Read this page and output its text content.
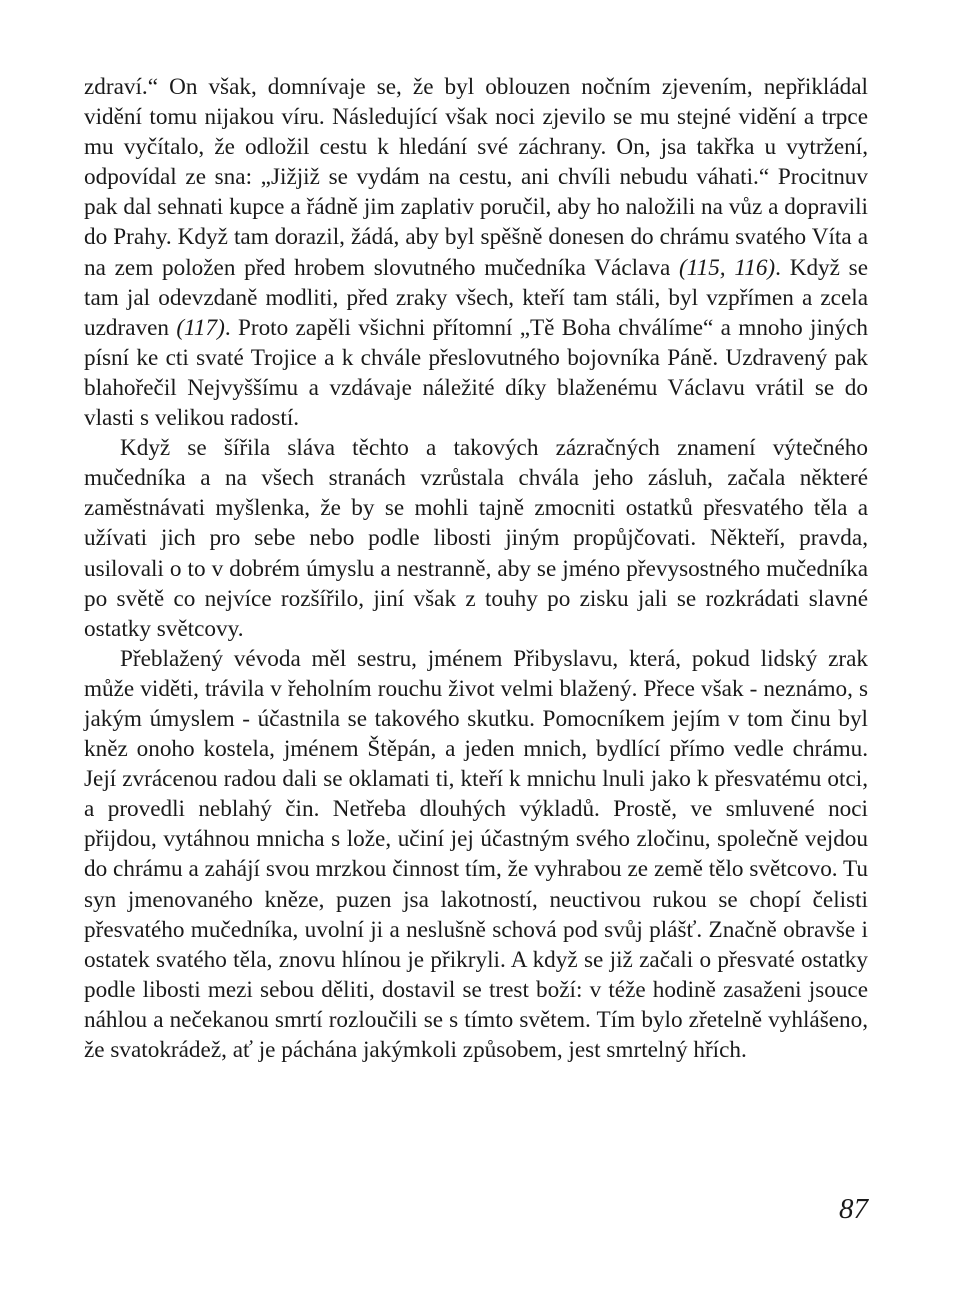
zdraví.“ On však, domnívaje se, že byl oblouzen nočním zjevením, nepřikládal vidění tomu nijakou víru. Následující však noci zjevilo se mu stejné vidění a trpce mu vyčítalo, že odložil cestu k hledání své záchrany. On, jsa takřka u vytržení, odpovídal ze sna: „Jižjiž se vydám na cestu, ani chvíli nebudu váhati.“ Procitnuv pak dal sehnati kupce a řádně jim zaplativ poručil, aby ho naložili na vůz a dopravili do Prahy. Když tam dorazil, žádá, aby byl spěšně donesen do chrámu svatého Víta a na zem položen před hrobem slovutného mučedníka Václava (115, 116). Když se tam jal odevzdaně modliti, před zraky všech, kteří tam stáli, byl vzpřímen a zcela uzdraven (117). Proto zapěli všichni přítomní „Tě Boha chválíme“ a mnoho jiných písní ke cti svaté Trojice a k chvále přeslovutného bojovníka Páně. Uzdravený pak blahořečil Nejvyššímu a vzdávaje náležité díky blaženému Václavu vrátil se do vlasti s velikou radostí.

Když se šířila sláva těchto a takových zázračných znamení výtečného mučedníka a na všech stranách vzrůstala chvála jeho zásluh, začala některé zaměstnávati myšlenka, že by se mohli tajně zmocniti ostatků přesvatého těla a užívati jich pro sebe nebo podle libosti jiným propůjčovati. Někteří, pravda, usilovali o to v dobrém úmyslu a nestranně, aby se jméno převysostného mučedníka po světě co nejvíce rozšířilo, jiní však z touhy po zisku jali se rozkrádati slavné ostatky světcovy.

Přeblažený vévoda měl sestru, jménem Přibyslavu, která, pokud lidský zrak může viděti, trávila v řeholním rouchu život velmi blažený. Přece však - neznámo, s jakým úmyslem - účastnila se takového skutku. Pomocníkem jejím v tom činu byl kněz onoho kostela, jménem Štěpán, a jeden mnich, bydlící přímo vedle chrámu. Její zvrácenou radou dali se oklamati ti, kteří k mnichu lnuli jako k přesvatému otci, a provedli neblahý čin. Netřeba dlouhých výkladů. Prostě, ve smluvené noci přijdou, vytáhnou mnicha s lože, učiní jej účastným svého zločinu, společně vejdou do chrámu a zahájí svou mrzkou činnost tím, že vyhrabou ze země tělo světcovo. Tu syn jmenovaného kněze, puzen jsa lakotností, neuctivou rukou se chopí čelisti přesvatého mučedníka, uvolní ji a neslušně schová pod svůj plášť. Značně obravše i ostatek svatého těla, znovu hlínou je přikryli. A když se již začali o přesvaté ostatky podle libosti mezi sebou děliti, dostavil se trest boží: v téže hodině zasaženi jsouce náhlou a nečekanou smrtí rozloučili se s tímto světem. Tím bylo zřetelně vyhlášeno, že svatokrádež, ať je páchána jakýmkoli způsobem, jest smrtelný hřích.

87
